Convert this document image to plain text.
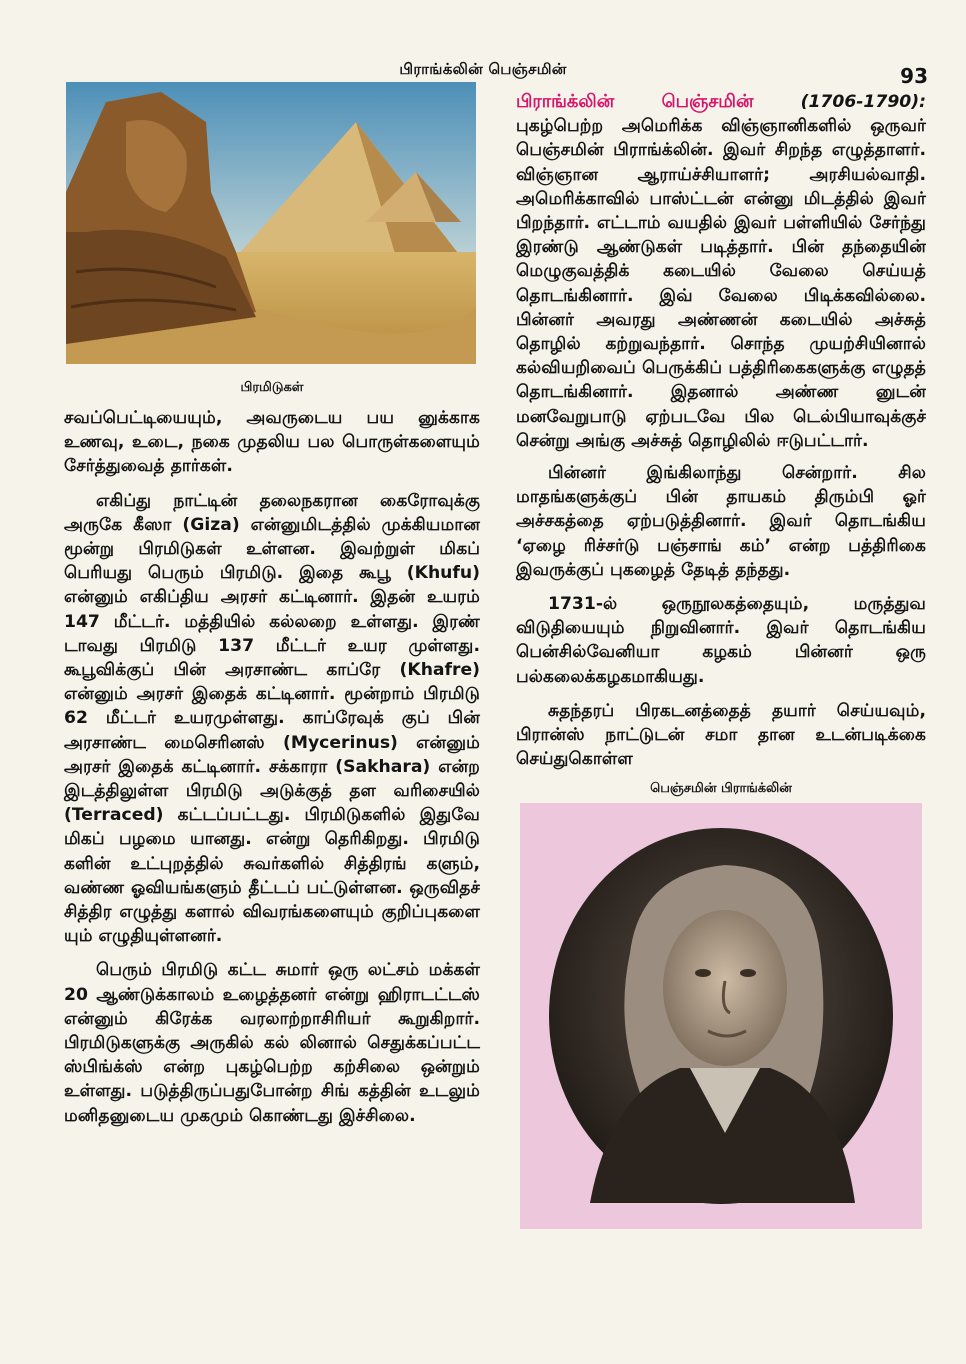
பிராங்க்லின் பெஞ்சமின்	93
பிரமிடுகள்

சவப்பெட்டியையும், அவருடைய பய னுக்காக உணவு, உடை, நகை முதலிய பல பொருள்களையும் சேர்த்துவைத் தார்கள்.

எகிப்து நாட்டின் தலைநகரான கைரோவுக்கு அருகே கீஸா (Giza) என்னுமிடத்தில் முக்கியமான மூன்று பிரமிடுகள் உள்ளன. இவற்றுள் மிகப் பெரியது பெரும் பிரமிடு. இதை கூபூ (Khufu) என்னும் எகிப்திய அரசர் கட்டினார். இதன் உயரம் 147 மீட்டர். மத்தியில் கல்லறை உள்ளது. இரண் டாவது பிரமிடு 137 மீட்டர் உயர முள்ளது. கூபூவிக்குப் பின் அரசாண்ட காப்ரே (Khafre) என்னும் அரசர் இதைக் கட்டினார். மூன்றாம் பிரமிடு 62 மீட்டர் உயரமுள்ளது. காப்ரேவுக் குப் பின் அரசாண்ட மைசெரினஸ் (Mycerinus) என்னும் அரசர் இதைக் கட்டினார். சக்காரா (Sakhara) என்ற இடத்திலுள்ள பிரமிடு அடுக்குத் தள வரிசையில் (Terraced) கட்டப்பட்டது. பிரமிடுகளில் இதுவே மிகப் பழமை யானது. என்று தெரிகிறது. பிரமிடு களின் உட்புறத்தில் சுவர்களில் சித்திரங் களும், வண்ண ஓவியங்களும் தீட்டப் பட்டுள்ளன. ஒருவிதச் சித்திர எழுத்து களால் விவரங்களையும் குறிப்புகளை யும் எழுதியுள்ளனர்.

பெரும் பிரமிடு கட்ட சுமார் ஒரு லட்சம் மக்கள் 20 ஆண்டுக்காலம் உழைத்தனர் என்று ஹிராடட்டஸ் என்னும் கிரேக்க வரலாற்றாசிரியர் கூறுகிறார். பிரமிடுகளுக்கு அருகில் கல் லினால் செதுக்கப்பட்ட ஸ்பிங்க்ஸ் என்ற புகழ்பெற்ற கற்சிலை ஒன்றும் உள்ளது. படுத்திருப்பதுபோன்ற சிங் கத்தின் உடலும் மனிதனுடைய முகமும் கொண்டது இச்சிலை.

பிராங்க்லின் பெஞ்சமின்	(1706-1790): புகழ்பெற்ற அமெரிக்க விஞ்ஞானிகளில் ஒருவர் பெஞ்சமின் பிராங்க்லின். இவர் சிறந்த எழுத்தாளர். விஞ்ஞான ஆராய்ச்சியாளர்; அரசியல்வாதி. அமெரிக்காவில் பாஸ்ட்டன் என்னு மிடத்தில் இவர் பிறந்தார். எட்டாம் வயதில் இவர் பள்ளியில் சேர்ந்து இரண்டு ஆண்டுகள் படித்தார். பின் தந்தையின் மெழுகுவத்திக் கடையில் வேலை செய்யத் தொடங்கினார். இவ் வேலை பிடிக்கவில்லை. பின்னர் அவரது அண்ணன் கடையில் அச்சுத் தொழில் கற்றுவந்தார். சொந்த முயற்சியினால் கல்வியறிவைப் பெருக்கிப் பத்திரிகைகளுக்கு எழுதத் தொடங்கினார். இதனால் அண்ண னுடன் மனவேறுபாடு ஏற்படவே பில டெல்பியாவுக்குச் சென்று அங்கு அச்சுத் தொழிலில் ஈடுபட்டார்.

பின்னர் இங்கிலாந்து சென்றார். சில மாதங்களுக்குப் பின் தாயகம் திரும்பி ஓர் அச்சகத்தை ஏற்படுத்தினார். இவர் தொடங்கிய ‘ஏழை ரிச்சர்டு பஞ்சாங் கம்’ என்ற பத்திரிகை இவருக்குப் புகழைத் தேடித் தந்தது.

1731-ல் ஒருநூலகத்தையும், மருத்துவ விடுதியையும் நிறுவினார். இவர் தொடங்கிய பென்சில்வேனியா கழகம் பின்னர் ஒரு பல்கலைக்கழகமாகியது.

சுதந்தரப் பிரகடனத்தைத் தயார் செய்யவும், பிரான்ஸ் நாட்டுடன் சமா தான உடன்படிக்கை செய்துகொள்ள

பெஞ்சமின் பிராங்க்லின்
